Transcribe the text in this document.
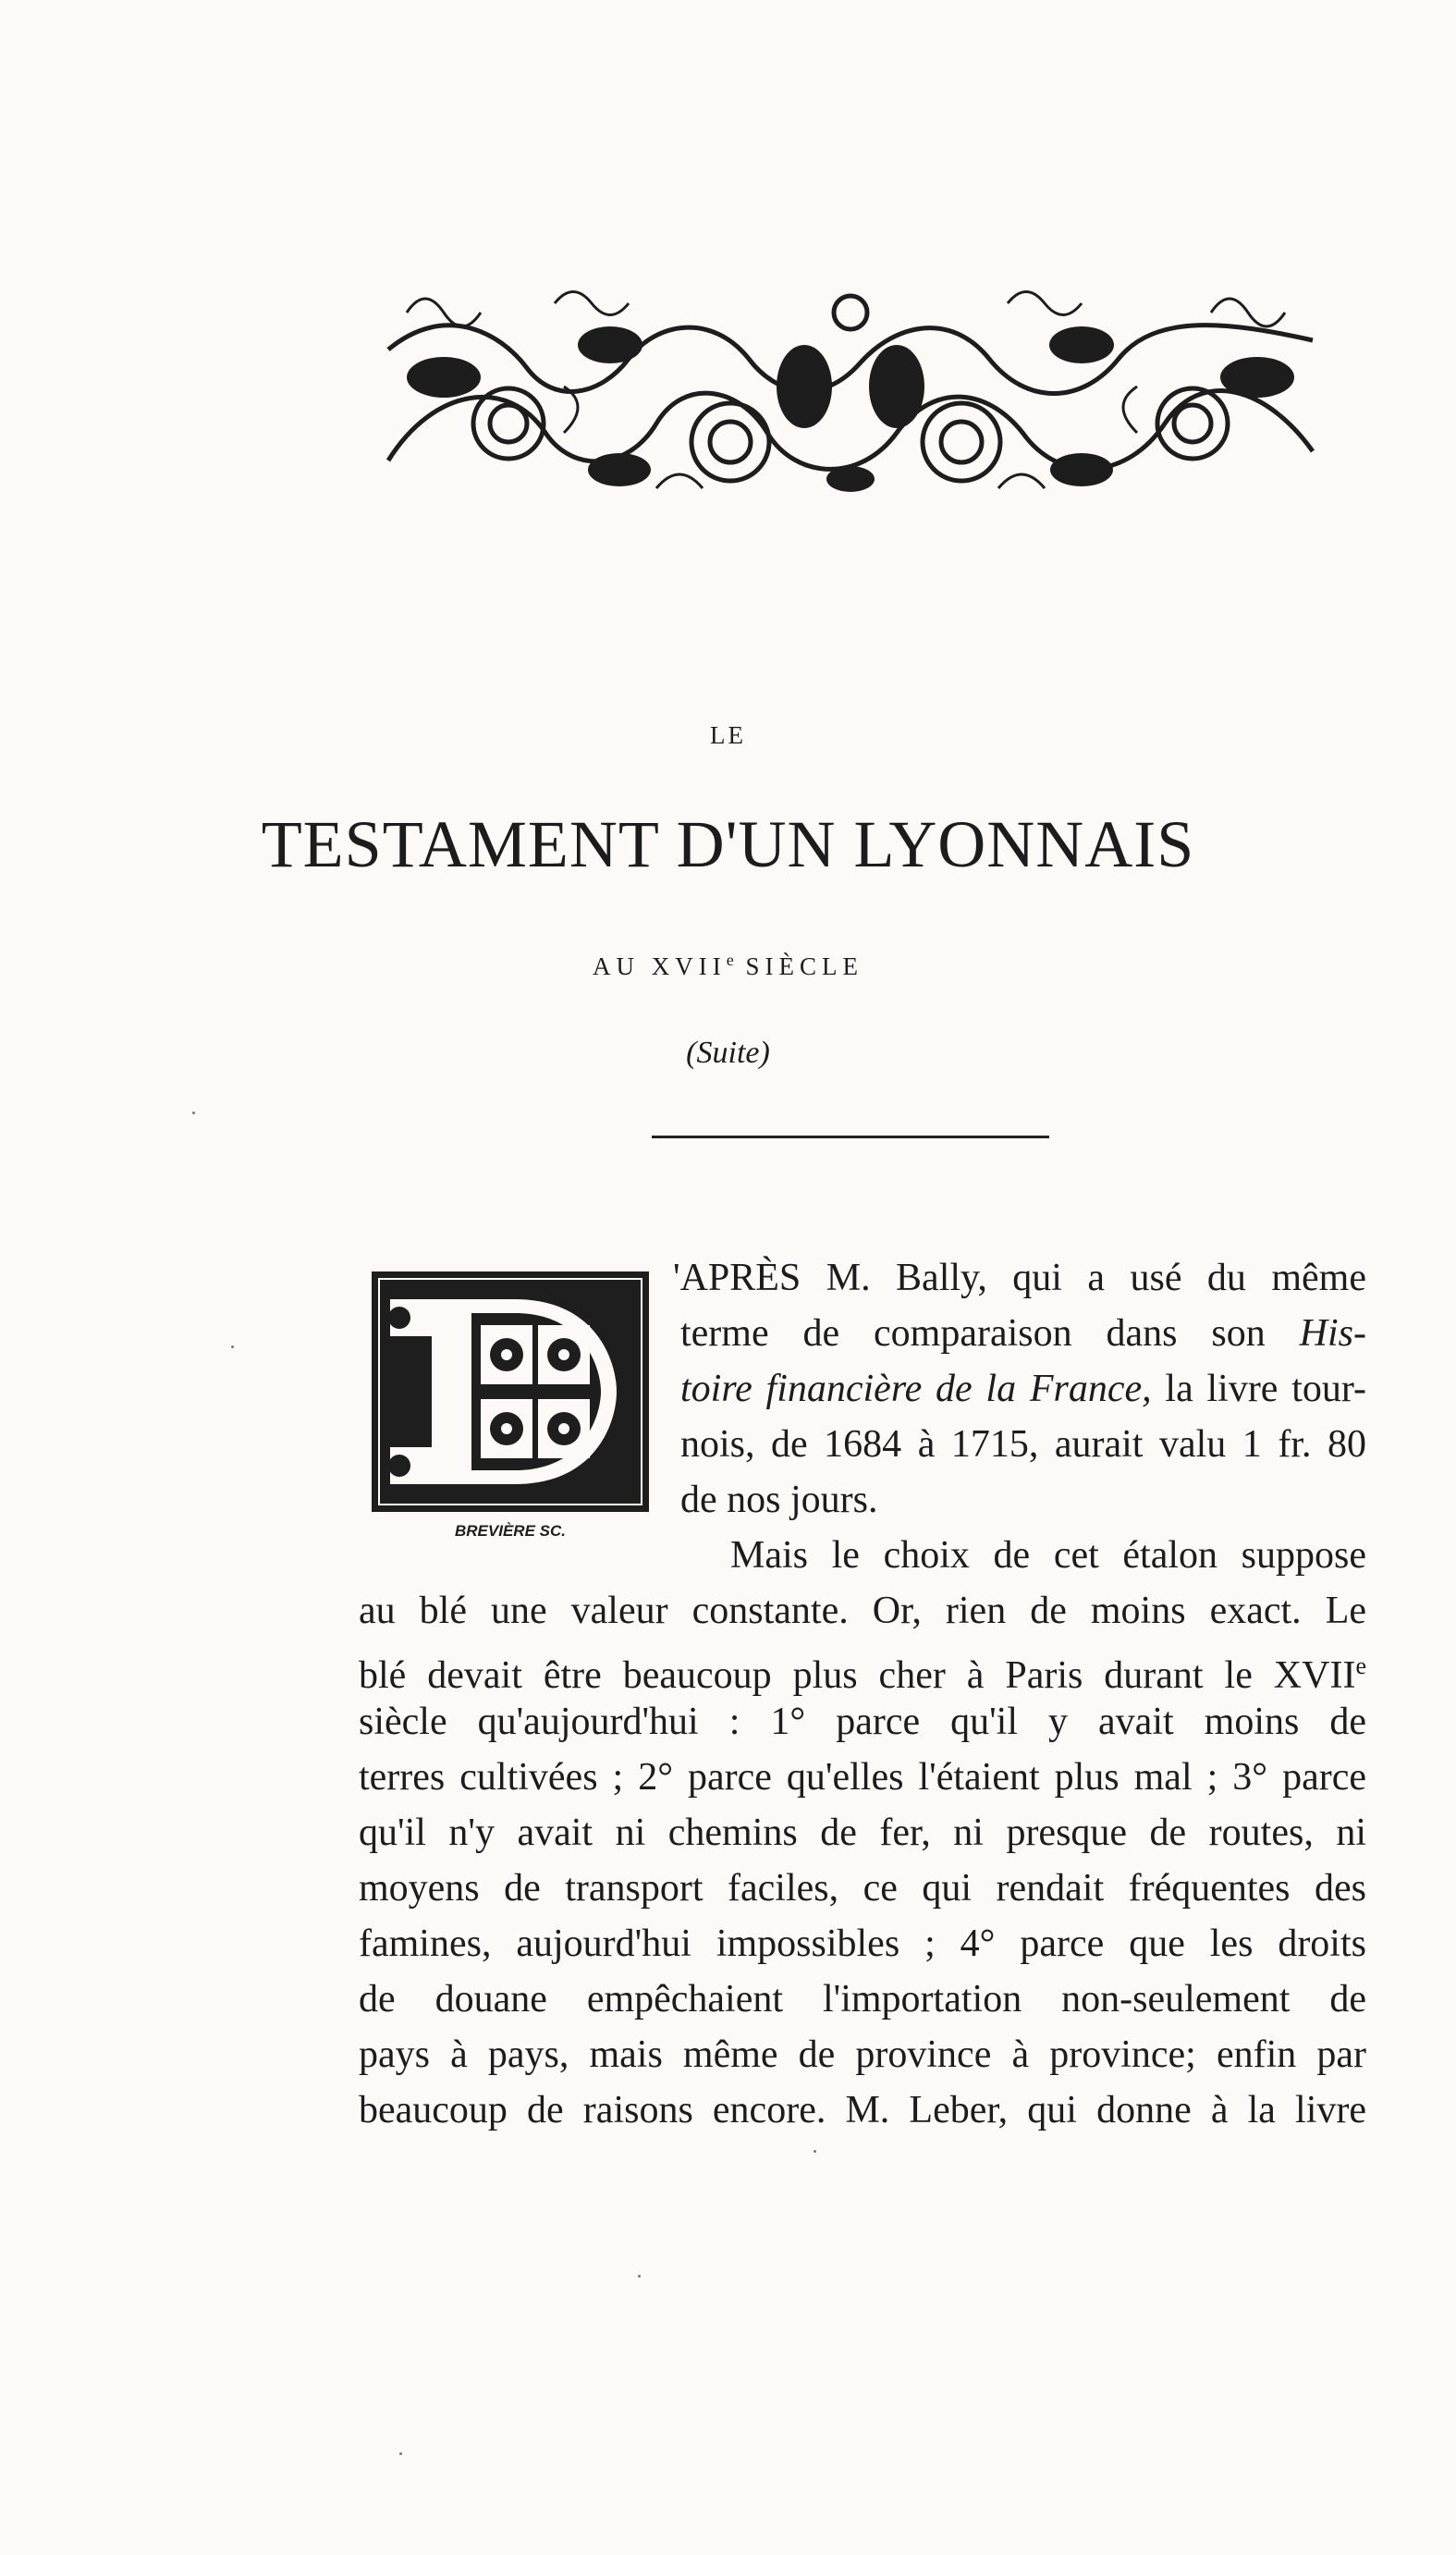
LE
TESTAMENT D'UN LYONNAIS
AU XVIIe SIÈCLE
(Suite)
BREVIÈRE SC.
'APRÈS M. Bally, qui a usé du même
terme de comparaison dans son His-
toire financière de la France, la livre tour-
nois, de 1684 à 1715, aurait valu 1 fr. 80
de nos jours.
Mais le choix de cet étalon suppose
au blé une valeur constante. Or, rien de moins exact. Le
blé devait être beaucoup plus cher à Paris durant le XVIIe
siècle qu'aujourd'hui : 1° parce qu'il y avait moins de
terres cultivées ; 2° parce qu'elles l'étaient plus mal ; 3° parce
qu'il n'y avait ni chemins de fer, ni presque de routes, ni
moyens de transport faciles, ce qui rendait fréquentes des
famines, aujourd'hui impossibles ; 4° parce que les droits
de douane empêchaient l'importation non-seulement de
pays à pays, mais même de province à province; enfin par
beaucoup de raisons encore. M. Leber, qui donne à la livre
